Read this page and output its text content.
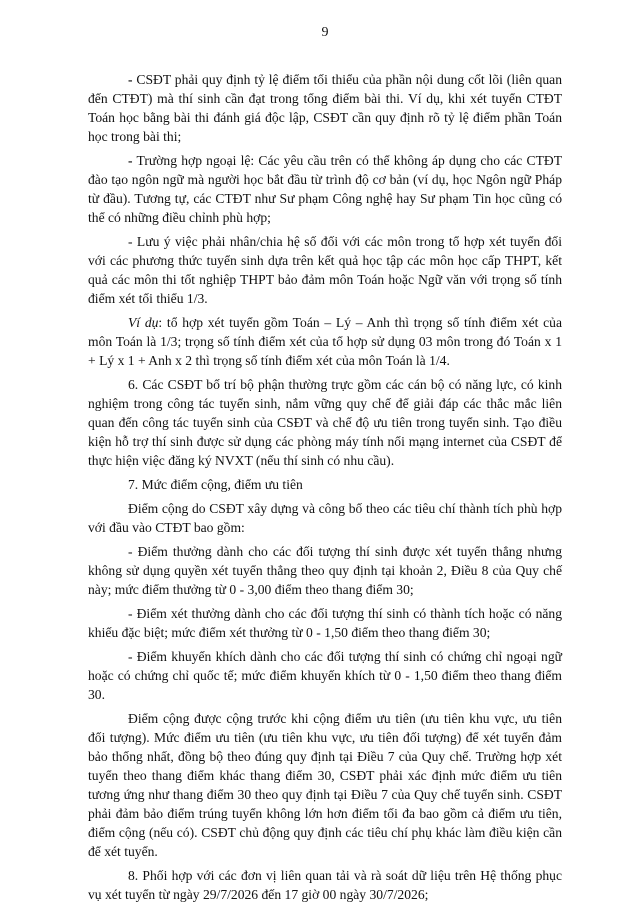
9

- CSĐT phải quy định tỷ lệ điểm tối thiểu của phần nội dung cốt lõi (liên quan đến CTĐT) mà thí sinh cần đạt trong tổng điểm bài thi. Ví dụ, khi xét tuyển CTĐT Toán học bằng bài thi đánh giá độc lập, CSĐT cần quy định rõ tỷ lệ điểm phần Toán học trong bài thi;

- Trường hợp ngoại lệ: Các yêu cầu trên có thể không áp dụng cho các CTĐT đào tạo ngôn ngữ mà người học bắt đầu từ trình độ cơ bản (ví dụ, học Ngôn ngữ Pháp từ đầu). Tương tự, các CTĐT như Sư phạm Công nghệ hay Sư phạm Tin học cũng có thể có những điều chỉnh phù hợp;

- Lưu ý việc phải nhân/chia hệ số đối với các môn trong tổ hợp xét tuyển đối với các phương thức tuyển sinh dựa trên kết quả học tập các môn học cấp THPT, kết quả các môn thi tốt nghiệp THPT bảo đảm môn Toán hoặc Ngữ văn với trọng số tính điểm xét tối thiểu 1/3.

Ví dụ: tổ hợp xét tuyển gồm Toán – Lý – Anh thì trọng số tính điểm xét của môn Toán là 1/3; trọng số tính điểm xét của tổ hợp sử dụng 03 môn trong đó Toán x 1 + Lý x 1 + Anh x 2 thì trọng số tính điểm xét của môn Toán là 1/4.

6. Các CSĐT bố trí bộ phận thường trực gồm các cán bộ có năng lực, có kinh nghiệm trong công tác tuyển sinh, nắm vững quy chế để giải đáp các thắc mắc liên quan đến công tác tuyển sinh của CSĐT và chế độ ưu tiên trong tuyển sinh. Tạo điều kiện hỗ trợ thí sinh được sử dụng các phòng máy tính nối mạng internet của CSĐT để thực hiện việc đăng ký NVXT (nếu thí sinh có nhu cầu).

7. Mức điểm cộng, điểm ưu tiên

Điểm cộng do CSĐT xây dựng và công bố theo các tiêu chí thành tích phù hợp với đầu vào CTĐT bao gồm:

- Điểm thưởng dành cho các đối tượng thí sinh được xét tuyển thẳng nhưng không sử dụng quyền xét tuyển thẳng theo quy định tại khoản 2, Điều 8 của Quy chế này; mức điểm thưởng từ 0 - 3,00 điểm theo thang điểm 30;

- Điểm xét thưởng dành cho các đối tượng thí sinh có thành tích hoặc có năng khiếu đặc biệt; mức điểm xét thưởng từ 0 - 1,50 điểm theo thang điểm 30;

- Điểm khuyến khích dành cho các đối tượng thí sinh có chứng chỉ ngoại ngữ hoặc có chứng chỉ quốc tế; mức điểm khuyến khích từ 0 - 1,50 điểm theo thang điểm 30.

Điểm cộng được cộng trước khi cộng điểm ưu tiên (ưu tiên khu vực, ưu tiên đối tượng). Mức điểm ưu tiên (ưu tiên khu vực, ưu tiên đối tượng) để xét tuyển đảm bảo thống nhất, đồng bộ theo đúng quy định tại Điều 7 của Quy chế. Trường hợp xét tuyển theo thang điểm khác thang điểm 30, CSĐT phải xác định mức điểm ưu tiên tương ứng như thang điểm 30 theo quy định tại Điều 7 của Quy chế tuyển sinh. CSĐT phải đảm bảo điểm trúng tuyển không lớn hơn điểm tối đa bao gồm cả điểm ưu tiên, điểm cộng (nếu có). CSĐT chủ động quy định các tiêu chí phụ khác làm điều kiện cần để xét tuyển.

8. Phối hợp với các đơn vị liên quan tải và rà soát dữ liệu trên Hệ thống phục vụ xét tuyển từ ngày 29/7/2026 đến 17 giờ 00 ngày 30/7/2026;
